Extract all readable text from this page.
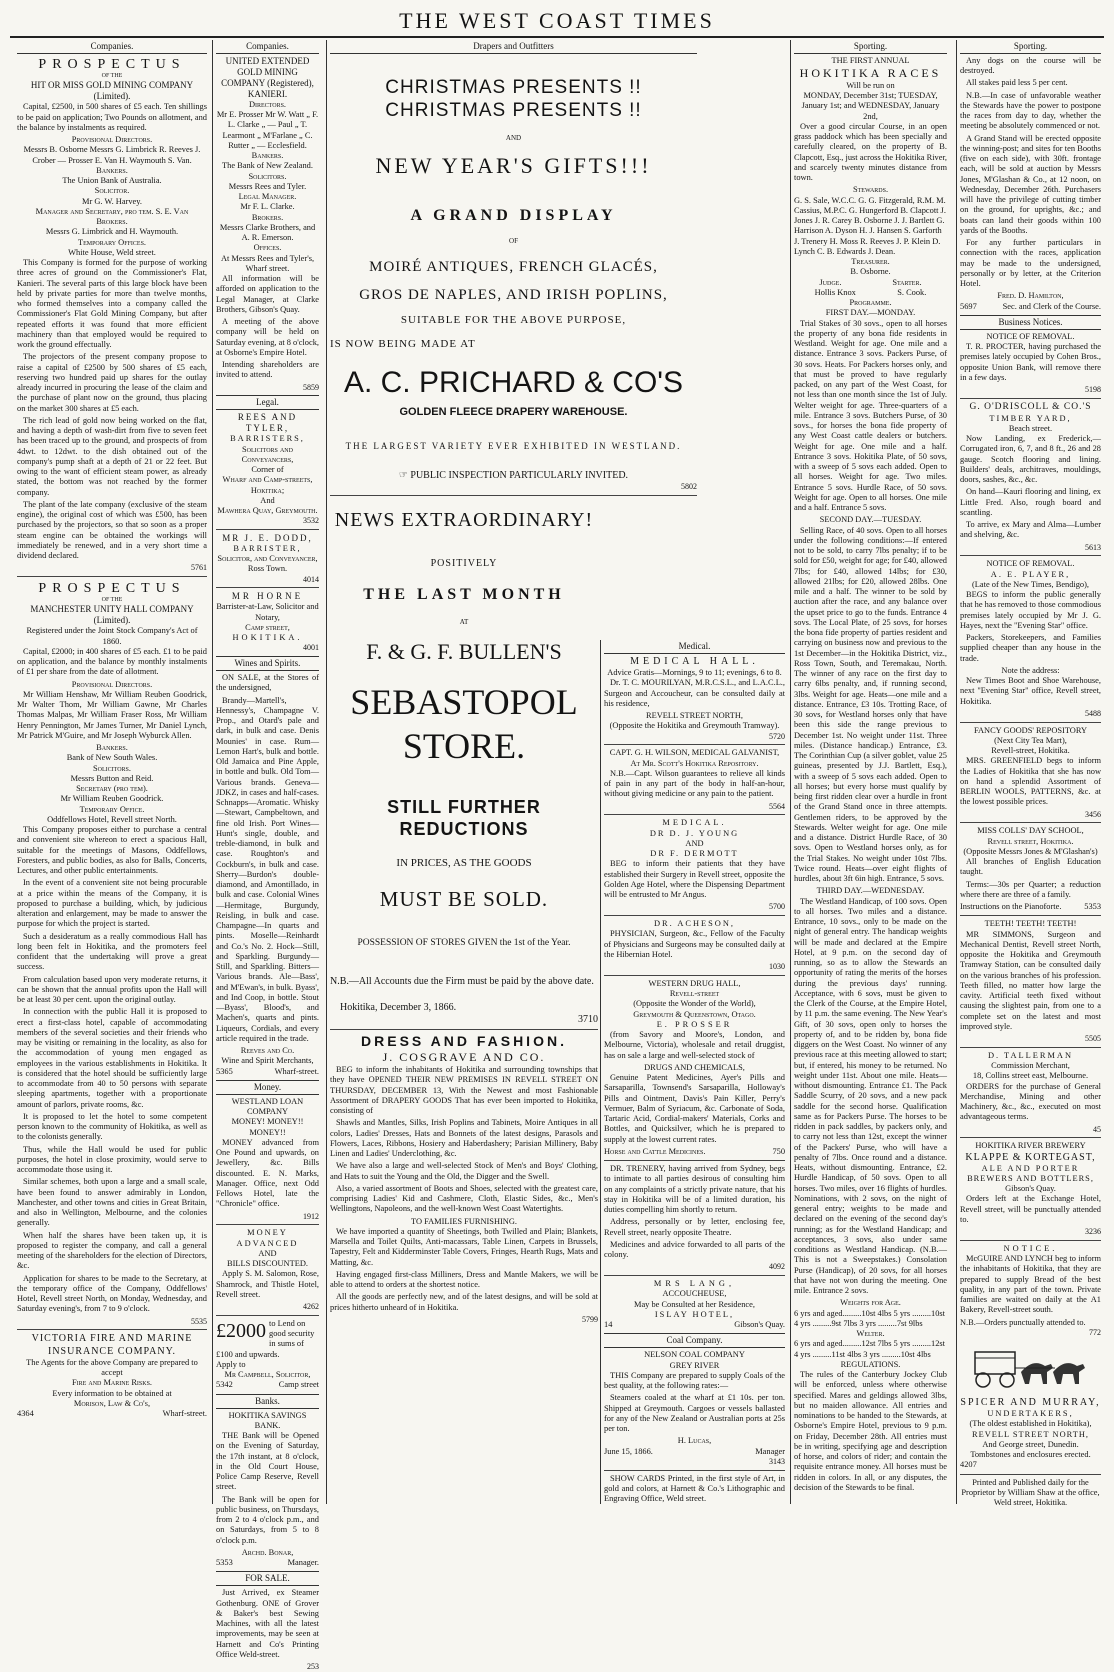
THE WEST COAST TIMES
Companies.
PROSPECTUS
OF THE
HIT OR MISS GOLD MINING COMPANY (Limited).

Capital, £2500, in 500 shares of £5 each. Ten shillings to be paid on application; Two Pounds on allotment, and the balance by instalments as required.

Provisional Directors.
Messrs B. Osborne Messrs G. Limbrick R. Reeves J. Crober — Prosser E. Van H. Waymouth S. Van.
Bankers.
The Union Bank of Australia.
Solicitor.
Mr G. W. Harvey.
Manager and Secretary, pro tem. S. E. Van
Brokers.
Messrs G. Limbrick and H. Waymouth.
Temporary Offices.
White House, Weld street.

This Company is formed for the purpose of working three acres of ground on the Commissioner's Flat, Kanieri. The several parts of this large block have been held by private parties for more than twelve months, who formed themselves into a company called the Commissioner's Flat Gold Mining Company, but after repeated efforts it was found that more efficient machinery than that employed would be required to work the ground effectually.

The projectors of the present company propose to raise a capital of £2500 by 500 shares of £5 each, reserving two hundred paid up shares for the outlay already incurred in procuring the lease of the claim and the purchase of plant now on the ground, thus placing on the market 300 shares at £5 each.

The rich lead of gold now being worked on the flat, and having a depth of wash-dirt from five to seven feet has been traced up to the ground, and prospects of from 4dwt. to 12dwt. to the dish obtained out of the company's pump shaft at a depth of 21 or 22 feet. But owing to the want of efficient steam power, as already stated, the bottom was not reached by the former company.

The plant of the late company (exclusive of the steam engine), the original cost of which was £500, has been purchased by the projectors, so that so soon as a proper steam engine can be obtained the workings will immediately be renewed, and in a very short time a dividend declared.

5761
PROSPECTUS
OF THE
MANCHESTER UNITY HALL COMPANY (Limited).
Registered under the Joint Stock Company's Act of 1860.

Capital, £2000; in 400 shares of £5 each. £1 to be paid on application, and the balance by monthly instalments of £1 per share from the date of allotment.

Provisional Directors.

Mr William Henshaw, Mr William Reuben Goodrick, Mr Walter Thom, Mr William Gawne, Mr Charles Thomas Malpas, Mr William Fraser Ross, Mr William Henry Pennington, Mr James Turner, Mr Daniel Lynch, Mr Patrick M'Guire, and Mr Joseph Wyburck Allen.

Bankers.
Bank of New South Wales.
Solicitors.
Messrs Button and Reid.
Secretary (pro tem).
Mr William Reuben Goodrick.
Temporary Office.
Oddfellows Hotel, Revell street North.

This Company proposes either to purchase a central and convenient site whereon to erect a spacious Hall, suitable for the meetings of Masons, Oddfellows, Foresters, and public bodies, as also for Balls, Concerts, Lectures, and other public entertainments.

In the event of a convenient site not being procurable at a price within the means of the Company, it is proposed to purchase a building, which, by judicious alteration and enlargement, may be made to answer the purpose for which the project is started.

Such a desideratum as a really commodious Hall has long been felt in Hokitika, and the promoters feel confident that the undertaking will prove a great success.

From calculation based upon very moderate returns, it can be shown that the annual profits upon the Hall will be at least 30 per cent. upon the original outlay.

In connection with the public Hall it is proposed to erect a first-class hotel, capable of accommodating members of the several societies and their friends who may be visiting or remaining in the locality, as also for the accommodation of young men engaged as employees in the various establishments in Hokitika. It is considered that the hotel should be sufficiently large to accommodate from 40 to 50 persons with separate sleeping apartments, together with a proportionate amount of parlors, private rooms, &c.

It is proposed to let the hotel to some competent person known to the community of Hokitika, as well as to the colonists generally.

Thus, while the Hall would be used for public purposes, the hotel in close proximity, would serve to accommodate those using it.

Similar schemes, both upon a large and a small scale, have been found to answer admirably in London, Manchester, and other towns and cities in Great Britain, and also in Wellington, Melbourne, and the colonies generally.

When half the shares have been taken up, it is proposed to register the company, and call a general meeting of the shareholders for the election of Directors, &c.

Application for shares to be made to the Secretary, at the temporary office of the Company, Oddfellows' Hotel, Revell street North, on Monday, Wednesday, and Saturday evening's, from 7 to 9 o'clock.

5535
VICTORIA FIRE AND MARINE INSURANCE COMPANY.
The Agents for the above Company are prepared to accept
Fire and Marine Risks.
Every information to be obtained at
Morison, Law & Co's,
4364	Wharf-street.
Companies.
UNITED EXTENDED GOLD MINING COMPANY (Registered), KANIERI.
Directors.
Mr E. Prosser Mr W. Watt „ F. L. Clarke „ — Paul „ T. Learmont „ M'Farlane „ C. Rutter „ — Ecclesfield.
Bankers.
The Bank of New Zealand.
Solicitors.
Messrs Rees and Tyler.
Legal Manager.
Mr F. L. Clarke.
Brokers.
Messrs Clarke Brothers, and A. R. Emerson.
Offices.
At Messrs Rees and Tyler's, Wharf street.

All information will be afforded on application to the Legal Manager, at Clarke Brothers, Gibson's Quay.

A meeting of the above company will be held on Saturday evening, at 8 o'clock, at Osborne's Empire Hotel.

Intending shareholders are invited to attend.

5859
Legal.
REES AND TYLER,
BARRISTERS,
Solicitors and Conveyancers,
Corner of
Wharf and Camp-streets, Hokitika;
And
Mawhera Quay, Greymouth.
3532
MR J. E. DODD,
BARRISTER,
Solicitor, and Conveyancer,
Ross Town.
4014
MR HORNE
Barrister-at-Law, Solicitor and Notary,
Camp street,
HOKITIKA.
4001
Wines and Spirits.

ON SALE, at the Stores of the undersigned,

Brandy—Martell's, Hennessy's, Champagne V. Prop., and Otard's pale and dark, in bulk and case. Denis Mounies' in case. Rum—Lemon Hart's, bulk and bottle. Old Jamaica and Pine Apple, in bottle and bulk. Old Tom—Various brands. Geneva—JDKZ, in cases and half-cases. Schnapps—Aromatic. Whisky—Stewart, Campbeltown, and fine old Irish. Port Wines—Hunt's single, double, and treble-diamond, in bulk and case. Roughton's and Cockburn's, in bulk and case. Sherry—Burdon's double-diamond, and Amontillado, in bulk and case. Colonial Wines—Hermitage, Burgundy, Reisling, in bulk and case. Champagne—In quarts and pints. Moselle—Reinhardt and Co.'s No. 2. Hock—Still, and Sparkling. Burgundy—Still, and Sparkling. Bitters—Various brands. Ale—Bass', and M'Ewan's, in bulk. Byass', and Ind Coop, in bottle. Stout—Byass', Blood's, and Machen's, quarts and pints. Liqueurs, Cordials, and every article required in the trade.

Reeves and Co.
Wine and Spirit Merchants,
5365	Wharf-street.
Money.
WESTLAND LOAN COMPANY
MONEY! MONEY!! MONEY!!

MONEY advanced from One Pound and upwards, on Jewellery, &c. Bills discounted. E. N. Marks, Manager. Office, next Odd Fellows Hotel, late the "Chronicle" office.

1912
MONEY ADVANCED
AND
BILLS DISCOUNTED.

Apply S. M. Salomon, Rose, Shamrock, and Thistle Hotel, Revell street.

4262
£2000 to Lend on good security in sums of £100 and upwards.
Apply to
Mr Campbell, Solicitor,
5342	Camp street
Banks.
HOKITIKA SAVINGS BANK.

THE Bank will be Opened on the Evening of Saturday, the 17th instant, at 8 o'clock, in the Old Court House, Police Camp Reserve, Revell street.

The Bank will be open for public business, on Thursdays, from 2 to 4 o'clock p.m., and on Saturdays, from 5 to 8 o'clock p.m.

Archd. Bonar,
5353	Manager.
FOR SALE.

Just Arrived, ex Steamer Gothenburg. ONE of Grover & Baker's best Sewing Machines, with all the latest improvements, may be seen at Harnett and Co's Printing Office Weld-street.

253
Drapers and Outfitters
CHRISTMAS PRESENTS !! CHRISTMAS PRESENTS !!
AND
NEW YEAR'S GIFTS!!!
A GRAND DISPLAY
OF
MOIRÉ ANTIQUES, FRENCH GLACÉS,
GROS DE NAPLES, AND IRISH POPLINS,
SUITABLE FOR THE ABOVE PURPOSE,
IS NOW BEING MADE AT
A. C. PRICHARD & CO'S
GOLDEN FLEECE DRAPERY WAREHOUSE.
THE LARGEST VARIETY EVER EXHIBITED IN WESTLAND.
☞ PUBLIC INSPECTION PARTICULARLY INVITED.
5802
NEWS EXTRAORDINARY!
POSITIVELY
THE LAST MONTH
AT
F. & G. F. BULLEN'S
SEBASTOPOL STORE.
STILL FURTHER REDUCTIONS
IN PRICES, AS THE GOODS
MUST BE SOLD.
POSSESSION OF STORES GIVEN the 1st of the Year.
N.B.—All Accounts due the Firm must be paid by the above date.
Hokitika, December 3, 1866.
3710
DRESS AND FASHION.
J. COSGRAVE AND CO.

BEG to inform the inhabitants of Hokitika and surrounding townships that they have OPENED THEIR NEW PREMISES IN REVELL STREET ON THURSDAY, DECEMBER 13, With the Newest and most Fashionable Assortment of DRAPERY GOODS That has ever been imported to Hokitika, consisting of

Shawls and Mantles, Silks, Irish Poplins and Tabinets, Moire Antiques in all colors, Ladies' Dresses, Hats and Bonnets of the latest designs, Parasols and Flowers, Laces, Ribbons, Hosiery and Haberdashery; Parisian Millinery, Baby Linen and Ladies' Underclothing, &c.

We have also a large and well-selected Stock of Men's and Boys' Clothing, and Hats to suit the Young and the Old, the Digger and the Swell.

Also, a varied assortment of Boots and Shoes, selected with the greatest care, comprising Ladies' Kid and Cashmere, Cloth, Elastic Sides, &c., Men's Wellingtons, Napoleons, and the well-known West Coast Watertights.

TO FAMILIES FURNISHING.

We have imported a quantity of Sheetings, both Twilled and Plain; Blankets, Marsella and Toilet Quilts, Anti-macassars, Table Linen, Carpets in Brussels, Tapestry, Felt and Kidderminster Table Covers, Fringes, Hearth Rugs, Mats and Matting, &c.

Having engaged first-class Milliners, Dress and Mantle Makers, we will be able to attend to orders at the shortest notice.

All the goods are perfectly new, and of the latest designs, and will be sold at prices hitherto unheard of in Hokitika.

5799
Medical.
MEDICAL HALL.
Advice Gratis—Mornings, 9 to 11; evenings, 6 to 8.

Dr. T. C. MOURILYAN, M.R.C.S.L., and L.A.C.L., Surgeon and Accoucheur, can be consulted daily at his residence,

REVELL STREET NORTH,
(Opposite the Hokitika and Greymouth Tramway).
5720
CAPT. G. H. WILSON, MEDICAL GALVANIST,
At Mr. Scott's Hokitika Repository.

N.B.—Capt. Wilson guarantees to relieve all kinds of pain in any part of the body in half-an-hour, without giving medicine or any pain to the patient.

5564
MEDICAL.
DR D. J. YOUNG
AND
DR F. DERMOTT

BEG to inform their patients that they have established their Surgery in Revell street, opposite the Golden Age Hotel, where the Dispensing Department will be entrusted to Mr Angus.

5700
DR. ACHESON,

PHYSICIAN, Surgeon, &c., Fellow of the Faculty of Physicians and Surgeons may be consulted daily at the Hibernian Hotel.

1030
WESTERN DRUG HALL,
Revell-street
(Opposite the Wonder of the World),
Greymouth & Queenstown, Otago.
E. PROSSER

(from Savory and Moore's, London, and Melbourne, Victoria), wholesale and retail druggist, has on sale a large and well-selected stock of

DRUGS AND CHEMICALS,

Genuine Patent Medicines, Ayer's Pills and Sarsaparilla, Townsend's Sarsaparilla, Holloway's Pills and Ointment, Davis's Pain Killer, Perry's Vermuer, Balm of Syriacum, &c. Carbonate of Soda, Tartaric Acid, Cordial-makers' Materials, Corks and Bottles, and Quicksilver, which he is prepared to supply at the lowest current rates.

Horse and Cattle Medicines.	750

DR. TRENERY, having arrived from Sydney, begs to intimate to all parties desirous of consulting him on any complaints of a strictly private nature, that his stay in Hokitika will be of a limited duration, his duties compelling him shortly to return.

Address, personally or by letter, enclosing fee, Revell street, nearly opposite Theatre.

Medicines and advice forwarded to all parts of the colony.

4092
MRS LANG,
ACCOUCHEUSE,
May be Consulted at her Residence,
ISLAY HOTEL,
14	Gibson's Quay.
Coal Company.
NELSON COAL COMPANY
GREY RIVER

THIS Company are prepared to supply Coals of the best quality, at the following rates:—

Steamers coaled at the wharf at £1 10s. per ton. Shipped at Greymouth. Cargoes or vessels ballasted for any of the New Zealand or Australian ports at 25s per ton.

H. Lucas,
June 15, 1866.	Manager
3143

SHOW CARDS Printed, in the first style of Art, in gold and colors, at Harnett & Co.'s Lithographic and Engraving Office, Weld street.

Sporting.
THE FIRST ANNUAL
HOKITIKA RACES
Will be run on
MONDAY, December 31st; TUESDAY, January 1st; and WEDNESDAY, January 2nd,

Over a good circular Course, in an open grass paddock which has been specially and carefully cleared, on the property of B. Clapcott, Esq., just across the Hokitika River, and scarcely twenty minutes distance from town.

Stewards.
G. S. Sale, W.C.C. G. G. Fitzgerald, R.M. M. Cassius, M.P.C. G. Hungerford B. Clapcott J. Jones J. R. Carey B. Osborne J. J. Bartlett G. Harrison A. Dyson H. J. Hansen S. Garforth J. Trenery H. Moss R. Reeves J. P. Klein D. Lynch C. B. Edwards J. Dean.
Treasurer.
B. Osborne.
Judge.	Starter.
Hollis Knox	S. Cook.
Programme.
FIRST DAY.—MONDAY.

Trial Stakes of 30 sovs., open to all horses the property of any bona fide residents in Westland. Weight for age. One mile and a distance. Entrance 3 sovs. Packers Purse, of 30 sovs. Heats. For Packers horses only, and that must be proved to have regularly packed, on any part of the West Coast, for not less than one month since the 1st of July. Welter weight for age. Three-quarters of a mile. Entrance 3 sovs. Butchers Purse, of 30 sovs., for horses the bona fide property of any West Coast cattle dealers or butchers. Weight for age. One mile and a half. Entrance 3 sovs. Hokitika Plate, of 50 sovs, with a sweep of 5 sovs each added. Open to all horses. Weight for age. Two miles. Entrance 5 sovs. Hurdle Race, of 50 sovs. Weight for age. Open to all horses. One mile and a half. Entrance 5 sovs.

SECOND DAY.—TUESDAY.

Selling Race, of 40 sovs. Open to all horses under the following conditions:—If entered not to be sold, to carry 7lbs penalty; if to be sold for £50, weight for age; for £40, allowed 7lbs; for £40, allowed 14lbs; for £30, allowed 21lbs; for £20, allowed 28lbs. One mile and a half. The winner to be sold by auction after the race, and any balance over the upset price to go to the funds. Entrance 4 sovs. The Local Plate, of 25 sovs, for horses the bona fide property of parties resident and carrying on business now and previous to the 1st December—in the Hokitika District, viz., Ross Town, South, and Teremakau, North. The winner of any race on the first day to carry 6lbs penalty, and, if running second, 3lbs. Weight for age. Heats—one mile and a distance. Entrance, £3 10s. Trotting Race, of 30 sovs, for Westland horses only that have been this side the range previous to December 1st. No weight under 11st. Three miles. (Distance handicap.) Entrance, £3. The Corinthian Cup (a silver goblet, value 25 guineas, presented by J.J. Bartlett, Esq.), with a sweep of 5 sovs each added. Open to all horses; but every horse must qualify by being first ridden clear over a hurdle in front of the Grand Stand once in three attempts. Gentlemen riders, to be approved by the Stewards. Welter weight for age. One mile and a distance. District Hurdle Race, of 30 sovs. Open to Westland horses only, as for the Trial Stakes. No weight under 10st 7lbs. Twice round. Heats—over eight flights of hurdles, about 3ft 6in high. Entrance, 5 sovs.

THIRD DAY.—WEDNESDAY.

The Westland Handicap, of 100 sovs. Open to all horses. Two miles and a distance. Entrance, 10 sovs., only to be made on the night of general entry. The handicap weights will be made and declared at the Empire Hotel, at 9 p.m. on the second day of running, so as to allow the Stewards an opportunity of rating the merits of the horses during the previous days' running. Acceptance, with 6 sovs, must be given to the Clerk of the Course, at the Empire Hotel, by 11 p.m. the same evening. The New Year's Gift, of 30 sovs, open only to horses the property of, and to be ridden by, bona fide diggers on the West Coast. No winner of any previous race at this meeting allowed to start; but, if entered, his money to be returned. No weight under 11st. About one mile. Heats—without dismounting. Entrance £1. The Pack Saddle Scurry, of 20 sovs, and a new pack saddle for the second horse. Qualification same as for Packers Purse. The horses to be ridden in pack saddles, by packers only, and to carry not less than 12st, except the winner of the Packers' Purse, who will have a penalty of 7lbs. Once round and a distance. Heats, without dismounting. Entrance, £2. Hurdle Handicap, of 50 sovs. Open to all horses. Two miles, over 16 flights of hurdles. Nominations, with 2 sovs, on the night of general entry; weights to be made and declared on the evening of the second day's running; as for the Westland Handicap; and acceptances, 3 sovs, also under same conditions as Westland Handicap. (N.B.—This is not a Sweepstakes.) Consolation Purse (Handicap), of 20 sovs, for all horses that have not won during the meeting. One mile. Entrance 2 sovs.

Weights for Age.
6 yrs and aged.........10st 4lbs 5 yrs .........10st 4 yrs .........9st 7lbs 3 yrs .........7st 9lbs
Welter.
6 yrs and aged.........12st 7lbs 5 yrs .........12st 4 yrs .........11st 4lbs 3 yrs .........10st 4lbs
REGULATIONS.

The rules of the Canterbury Jockey Club will be enforced, unless where otherwise specified. Mares and geldings allowed 3lbs, but no maiden allowance. All entries and nominations to be handed to the Stewards, at Osborne's Empire Hotel, previous to 9 p.m. on Friday, December 28th. All entries must be in writing, specifying age and description of horse, and colors of rider; and contain the requisite entrance money. All horses must be ridden in colors. In all, or any disputes, the decision of the Stewards to be final.

Sporting.

Any dogs on the course will be destroyed.

All stakes paid less 5 per cent.

N.B.—In case of unfavorable weather the Stewards have the power to postpone the races from day to day, whether the meeting be absolutely commenced or not.

A Grand Stand will be erected opposite the winning-post; and sites for ten Booths (five on each side), with 30ft. frontage each, will be sold at auction by Messrs Jones, M'Glashan & Co., at 12 noon, on Wednesday, December 26th. Purchasers will have the privilege of cutting timber on the ground, for uprights, &c.; and boats can land their goods within 100 yards of the Booths.

For any further particulars in connection with the races, application may be made to the undersigned, personally or by letter, at the Criterion Hotel.

Fred. D. Hamilton,
5697	Sec. and Clerk of the Course.
Business Notices.
NOTICE OF REMOVAL.

T. R. PROCTER, having purchased the premises lately occupied by Cohen Bros., opposite Union Bank, will remove there in a few days.

5198
G. O'DRISCOLL & CO.'S
TIMBER YARD,
Beach street.

Now Landing, ex Frederick,—Corrugated iron, 6, 7, and 8 ft., 26 and 28 gauge. Scotch flooring and lining. Builders' deals, architraves, mouldings, doors, sashes, &c., &c.

On hand—Kauri flooring and lining, ex Little Fred. Also, rough board and scantling.

To arrive, ex Mary and Alma—Lumber and shelving, &c.

5613
NOTICE OF REMOVAL.
A. E. PLAYER,
(Late of the New Times, Bendigo),

BEGS to inform the public generally that he has removed to those commodious premises lately occupied by Mr J. G. Hayes, next the "Evening Star" office.

Packers, Storekeepers, and Families supplied cheaper than any house in the trade.

Note the address:

New Times Boot and Shoe Warehouse, next "Evening Star" office, Revell street, Hokitika.

5488
FANCY GOODS' REPOSITORY
(Next City Tea Mart),
Revell-street, Hokitika.

MRS. GREENFIELD begs to inform the Ladies of Hokitika that she has now on hand a splendid Assortment of BERLIN WOOLS, PATTERNS, &c. at the lowest possible prices.

3456
MISS COLLS' DAY SCHOOL,
Revell street, Hokitika.
(Opposite Messrs Jones & M'Glashan's)

All branches of English Education taught.

Terms:—30s per Quarter; a reduction where there are three of a family.

Instructions on the Pianoforte.	5353
TEETH! TEETH! TEETH!

MR SIMMONS, Surgeon and Mechanical Dentist, Revell street North, opposite the Hokitika and Greymouth Tramway Station, can be consulted daily on the various branches of his profession. Teeth filled, no matter how large the cavity. Artificial teeth fixed without causing the slightest pain, from one to a complete set on the latest and most improved style.

5505
D. TALLERMAN
Commission Merchant,
18, Collins street east, Melbourne.

ORDERS for the purchase of General Merchandise, Mining and other Machinery, &c., &c., executed on most advantageous terms.

45
HOKITIKA RIVER BREWERY
KLAPPE & KORTEGAST,
ALE AND PORTER
BREWERS AND BOTTLERS,
Gibson's Quay.

Orders left at the Exchange Hotel, Revell street, will be punctually attended to.

3236
NOTICE.

McGUIRE AND LYNCH beg to inform the inhabitants of Hokitika, that they are prepared to supply Bread of the best quality, in any part of the town. Private families are waited on daily at the A1 Bakery, Revell-street south.

N.B.—Orders punctually attended to.
772
SPICER AND MURRAY,
UNDERTAKERS,
(The oldest established in Hokitika),
REVELL STREET NORTH,
And George street, Dunedin.
Tombstones and enclosures erected.
4207
Printed and Published daily for the Proprietor by William Shaw at the office, Weld street, Hokitika.
